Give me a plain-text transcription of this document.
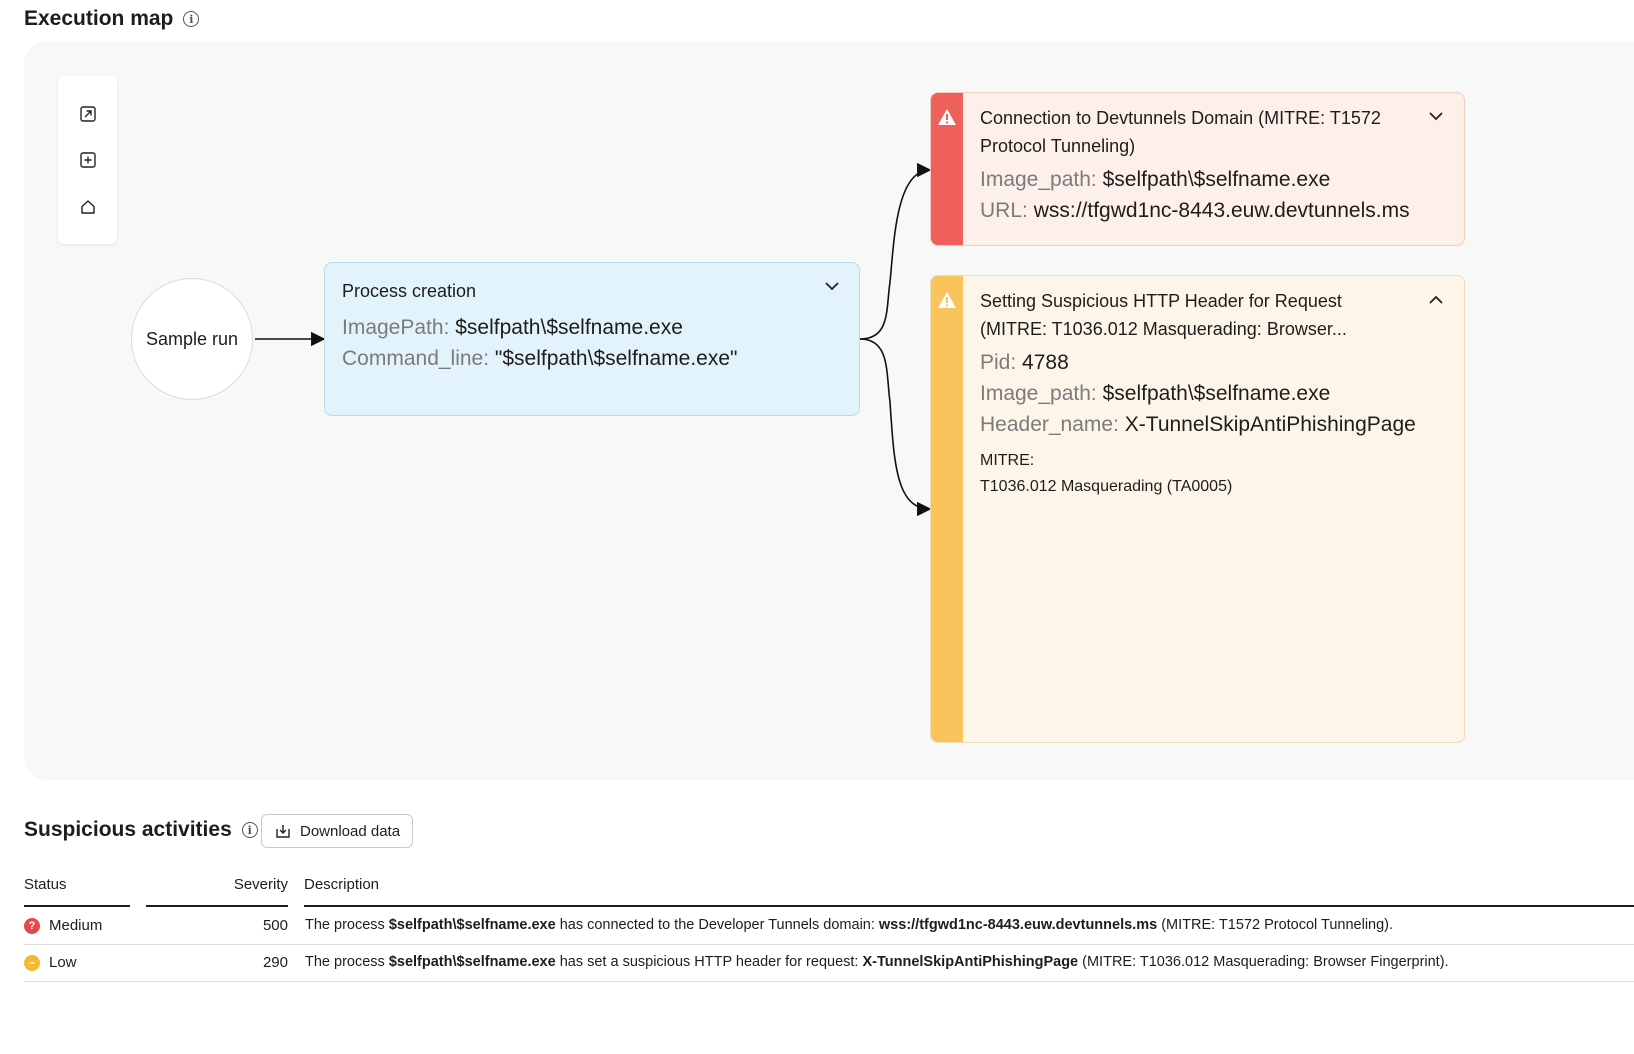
Execution map	i
Sample run
Process creation
ImagePath: $selfpath\$selfname.exe
Command_line: "$selfpath\$selfname.exe"
Connection to Devtunnels Domain (MITRE: T1572 Protocol Tunneling)
Image_path: $selfpath\$selfname.exe
URL: wss://tfgwd1nc-8443.euw.devtunnels.ms
Setting Suspicious HTTP Header for Request (MITRE: T1036.012 Masquerading: Browser...
Pid: 4788
Image_path: $selfpath\$selfname.exe
Header_name: X-TunnelSkipAntiPhishingPage
MITRE:
T1036.012 Masquerading (TA0005)
Suspicious activities	i	Download data
Status	Severity Description
? Medium	500 The process $selfpath\$selfname.exe has connected to the Developer Tunnels domain: wss://tfgwd1nc-8443.euw.devtunnels.ms (MITRE: T1572 Protocol Tunneling).
– Low	290 The process $selfpath\$selfname.exe has set a suspicious HTTP header for request: X-TunnelSkipAntiPhishingPage (MITRE: T1036.012 Masquerading: Browser Fingerprint).
